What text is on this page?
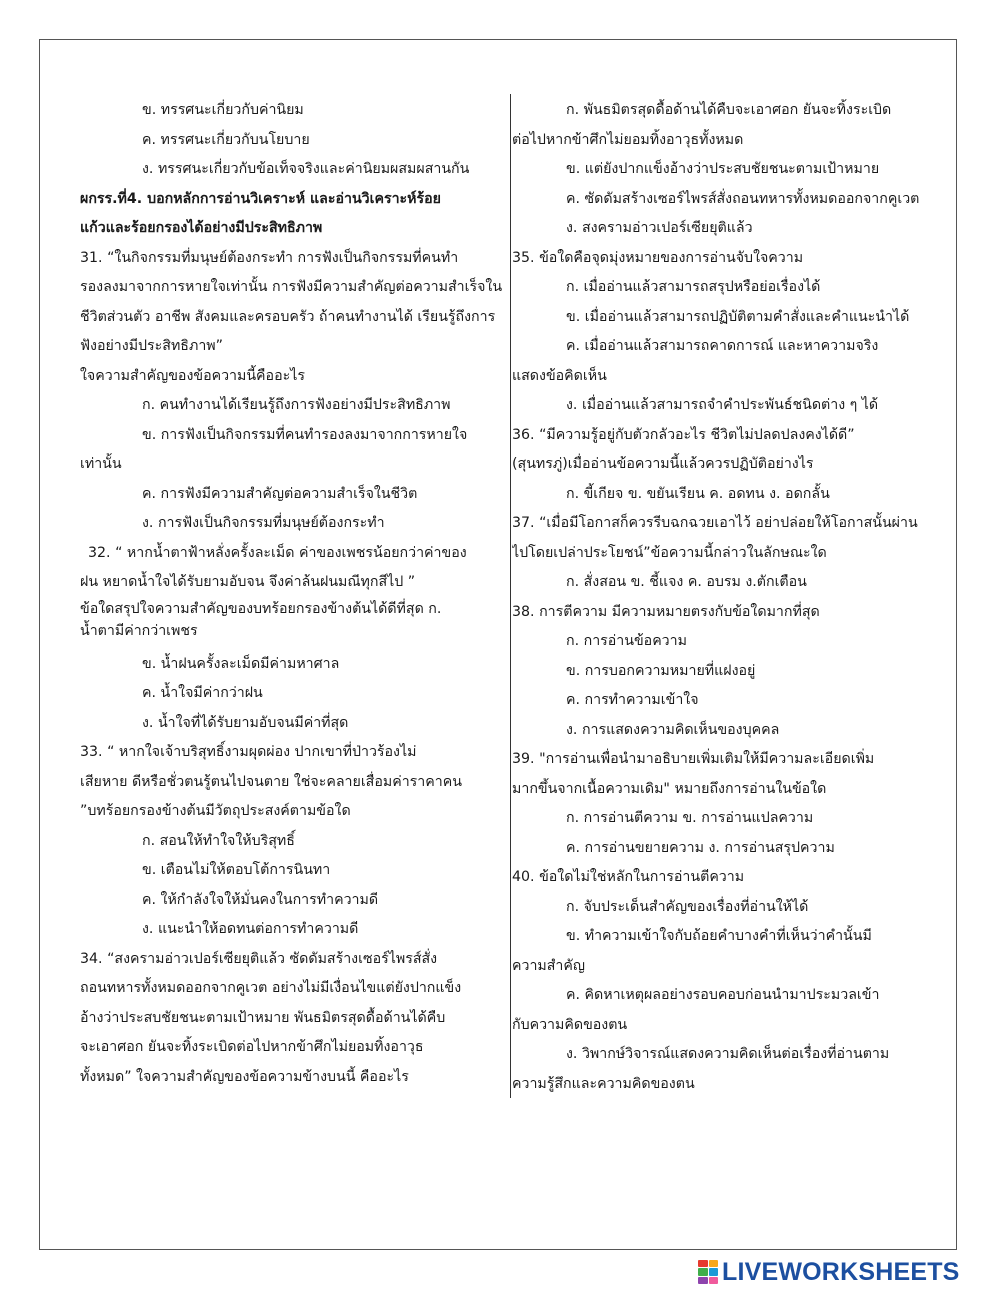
ข. ทรรศนะเกี่ยวกับค่านิยม
ค. ทรรศนะเกี่ยวกับนโยบาย
ง. ทรรศนะเกี่ยวกับข้อเท็จจริงและค่านิยมผสมผสานกัน
ผกรร.ที่4. บอกหลักการอ่านวิเคราะห์ และอ่านวิเคราะห์ร้อย
แก้วและร้อยกรองได้อย่างมีประสิทธิภาพ
31. “ในกิจกรรมที่มนุษย์ต้องกระทำ การฟังเป็นกิจกรรมที่คนทำ
รองลงมาจากการหายใจเท่านั้น การฟังมีความสำคัญต่อความสำเร็จใน
ชีวิตส่วนตัว อาชีพ สังคมและครอบครัว ถ้าคนทำงานได้ เรียนรู้ถึงการ
ฟังอย่างมีประสิทธิภาพ”
ใจความสำคัญของข้อความนี้คืออะไร
ก. คนทำงานได้เรียนรู้ถึงการฟังอย่างมีประสิทธิภาพ
ข. การฟังเป็นกิจกรรมที่คนทำรองลงมาจากการหายใจ
เท่านั้น
ค. การฟังมีความสำคัญต่อความสำเร็จในชีวิต
ง. การฟังเป็นกิจกรรมที่มนุษย์ต้องกระทำ
32. “ หากน้ำตาฟ้าหลั่งครั้งละเม็ด ค่าของเพชรน้อยกว่าค่าของ
ฝน หยาดน้ำใจได้รับยามอับจน จึงค่าล้นฝนมณีทุกสีไป ”
ข้อใดสรุปใจความสำคัญของบทร้อยกรองข้างต้นได้ดีที่สุด ก.
น้ำตามีค่ากว่าเพชร
ข. น้ำฝนครั้งละเม็ดมีค่ามหาศาล
ค. น้ำใจมีค่ากว่าฝน
ง. น้ำใจที่ได้รับยามอับจนมีค่าที่สุด
33. “ หากใจเจ้าบริสุทธิ์งามผุดผ่อง ปากเขาที่ป่าวร้องไม่
เสียหาย ดีหรือชั่วตนรู้ตนไปจนตาย ใช่จะคลายเสื่อมค่าราคาคน
”บทร้อยกรองข้างต้นมีวัตถุประสงค์ตามข้อใด
ก. สอนให้ทำใจให้บริสุทธิ์
ข. เตือนไม่ให้ตอบโต้การนินทา
ค. ให้กำลังใจให้มั่นคงในการทำความดี
ง. แนะนำให้อดทนต่อการทำความดี
34. “สงครามอ่าวเปอร์เซียยุติแล้ว ซัดดัมสร้างเซอร์ไพรส์สั่ง
ถอนทหารทั้งหมดออกจากคูเวต อย่างไม่มีเงื่อนไขแต่ยังปากแข็ง
อ้างว่าประสบชัยชนะตามเป้าหมาย พันธมิตรสุดดื้อด้านได้คืบ
จะเอาศอก ยันจะทิ้งระเบิดต่อไปหากข้าศึกไม่ยอมทิ้งอาวุธ
ทั้งหมด” ใจความสำคัญของข้อความข้างบนนี้ คืออะไร
ก. พันธมิตรสุดดื้อด้านได้คืบจะเอาศอก ยันจะทิ้งระเบิด
ต่อไปหากข้าศึกไม่ยอมทิ้งอาวุธทั้งหมด
ข. แต่ยังปากแข็งอ้างว่าประสบชัยชนะตามเป้าหมาย
ค. ซัดดัมสร้างเซอร์ไพรส์สั่งถอนทหารทั้งหมดออกจากคูเวต
ง. สงครามอ่าวเปอร์เซียยุติแล้ว
35. ข้อใดคือจุดมุ่งหมายของการอ่านจับใจความ
ก. เมื่ออ่านแล้วสามารถสรุปหรือย่อเรื่องได้
ข. เมื่ออ่านแล้วสามารถปฏิบัติตามคำสั่งและคำแนะนำได้
ค. เมื่ออ่านแล้วสามารถคาดการณ์ และหาความจริง
แสดงข้อคิดเห็น
ง. เมื่ออ่านแล้วสามารถจำคำประพันธ์ชนิดต่าง ๆ ได้
36. “มีความรู้อยู่กับตัวกลัวอะไร ชีวิตไม่ปลดปลงคงได้ดี”
(สุนทรภู่)เมื่ออ่านข้อความนี้แล้วควรปฏิบัติอย่างไร
ก. ขี้เกียจ ข. ขยันเรียน ค. อดทน ง. อดกลั้น
37. “เมื่อมีโอกาสก็ควรรีบฉกฉวยเอาไว้ อย่าปล่อยให้โอกาสนั้นผ่าน
ไปโดยเปล่าประโยชน์”ข้อความนี้กล่าวในลักษณะใด
ก. สั่งสอน ข. ชี้แจง ค. อบรม ง.ตักเตือน
38. การตีความ มีความหมายตรงกับข้อใดมากที่สุด
ก. การอ่านข้อความ
ข. การบอกความหมายที่แฝงอยู่
ค. การทำความเข้าใจ
ง. การแสดงความคิดเห็นของบุคคล
39. "การอ่านเพื่อนำมาอธิบายเพิ่มเติมให้มีความละเอียดเพิ่ม
มากขึ้นจากเนื้อความเดิม" หมายถึงการอ่านในข้อใด
ก. การอ่านตีความ ข. การอ่านแปลความ
ค. การอ่านขยายความ ง. การอ่านสรุปความ
40. ข้อใดไม่ใช่หลักในการอ่านตีความ
ก. จับประเด็นสำคัญของเรื่องที่อ่านให้ได้
ข. ทำความเข้าใจกับถ้อยคำบางคำที่เห็นว่าคำนั้นมี
ความสำคัญ
ค. คิดหาเหตุผลอย่างรอบคอบก่อนนำมาประมวลเข้า
กับความคิดของตน
ง. วิพากษ์วิจารณ์แสดงความคิดเห็นต่อเรื่องที่อ่านตาม
ความรู้สึกและความคิดของตน
LIVEWORKSHEETS
